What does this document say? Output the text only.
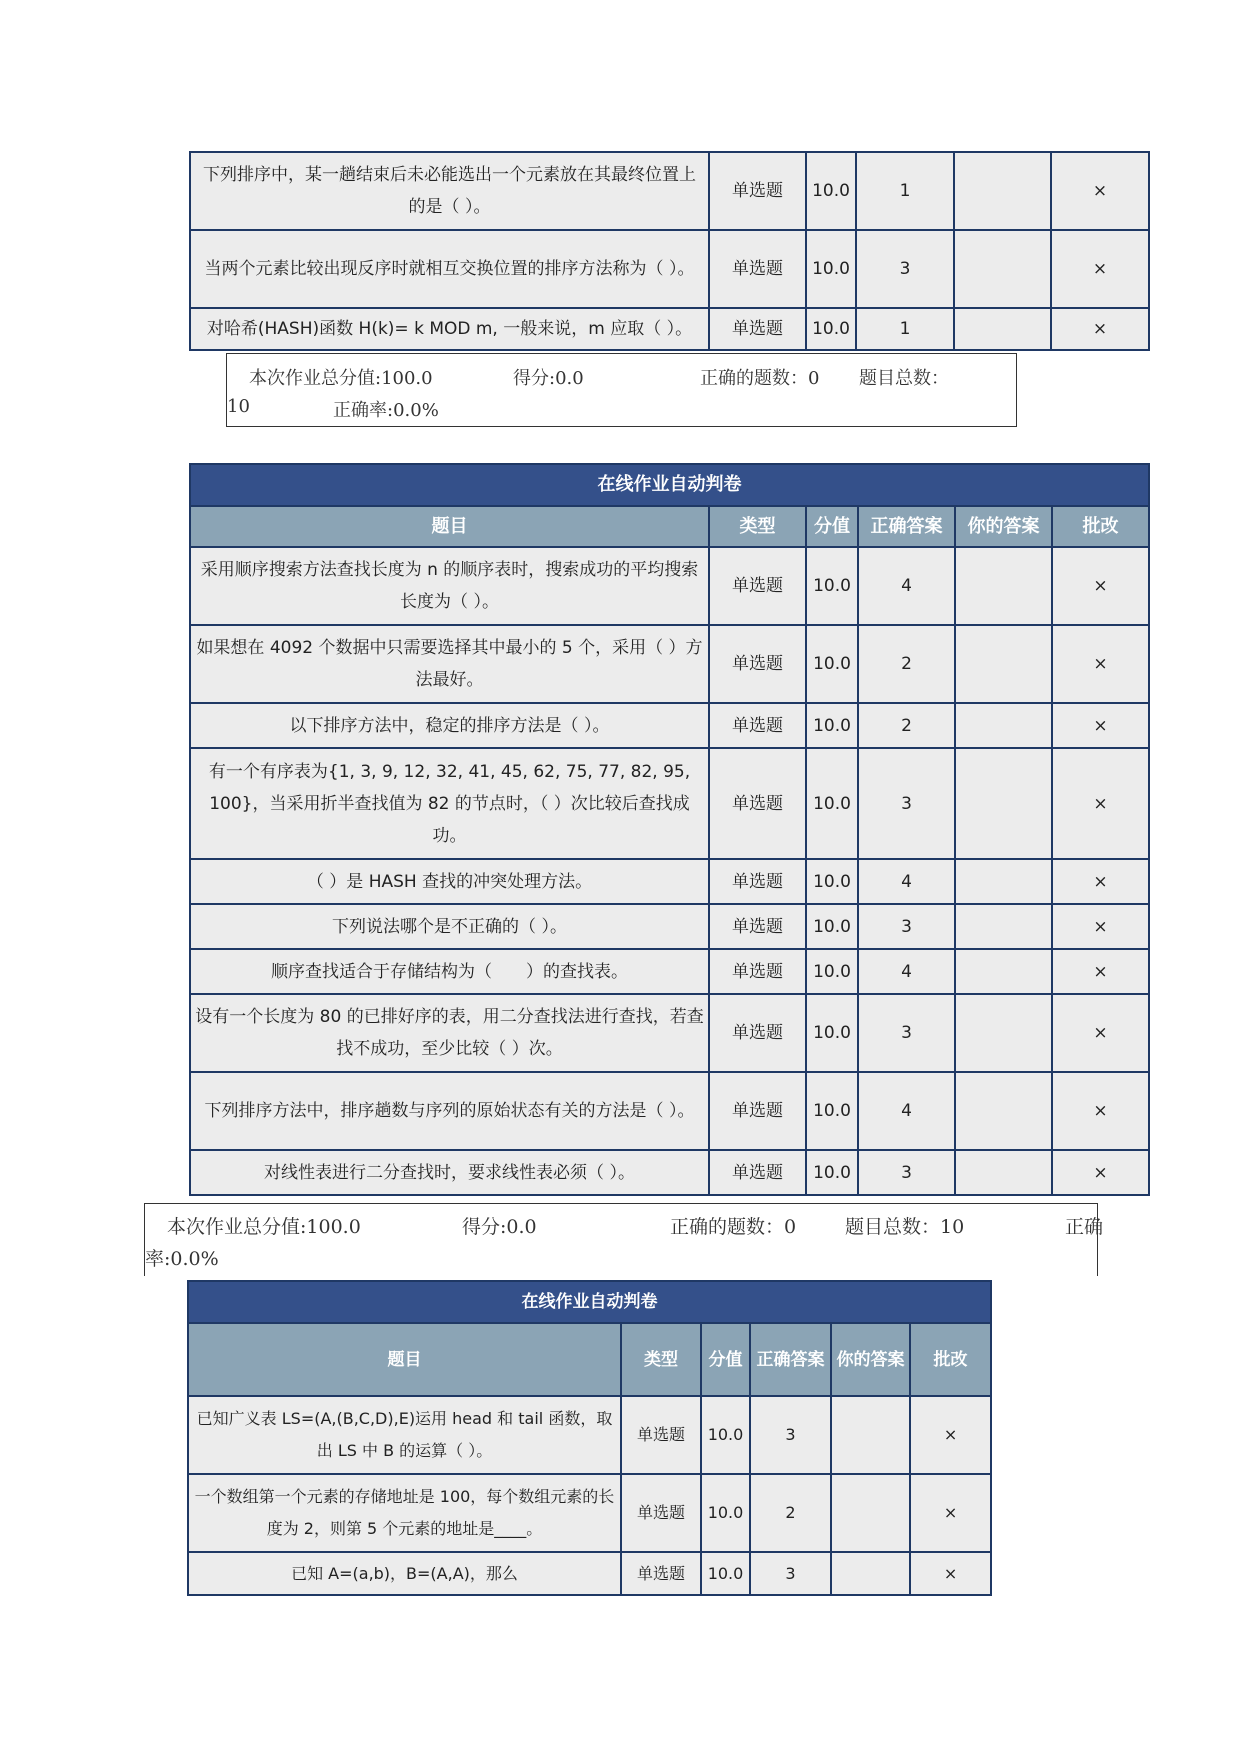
下列排序中，某一趟结束后未必能选出一个元素放在其最终位置上的是（ ）。	单选题	10.0	1		×
当两个元素比较出现反序时就相互交换位置的排序方法称为（ ）。	单选题	10.0	3		×
对哈希(HASH)函数 H(k)= k MOD m, 一般来说，m 应取（ ）。	单选题	10.0	1		×
本次作业总分值:100.0	得分:0.0	正确的题数：0 题目总数：
10	正确率:0.0%
在线作业自动判卷					
题目	类型	分值	正确答案	你的答案	批改
采用顺序搜索方法查找长度为 n 的顺序表时，搜索成功的平均搜索长度为（ ）。	单选题	10.0	4		×
如果想在 4092 个数据中只需要选择其中最小的 5 个，采用（ ）方法最好。	单选题	10.0	2		×
以下排序方法中，稳定的排序方法是（ ）。	单选题	10.0	2		×
有一个有序表为{1, 3, 9, 12, 32, 41, 45, 62, 75, 77, 82, 95, 100}，当采用折半查找值为 82 的节点时，（ ）次比较后查找成功。	单选题	10.0	3		×
（ ）是 HASH 查找的冲突处理方法。	单选题	10.0	4		×
下列说法哪个是不正确的（ ）。	单选题	10.0	3		×
顺序查找适合于存储结构为（　　）的查找表。	单选题	10.0	4		×
设有一个长度为 80 的已排好序的表，用二分查找法进行查找，若查找不成功，至少比较（ ）次。	单选题	10.0	3		×
下列排序方法中，排序趟数与序列的原始状态有关的方法是（ ）。	单选题	10.0	4		×
对线性表进行二分查找时，要求线性表必须（ ）。	单选题	10.0	3		×
本次作业总分值:100.0	得分:0.0	正确的题数：0	题目总数：10	正确
率:0.0%
在线作业自动判卷					
题目	类型	分值	正确答案	你的答案	批改
已知广义表 LS=(A,(B,C,D),E)运用 head 和 tail 函数，取出 LS 中 B 的运算（ ）。	单选题	10.0	3		×
一个数组第一个元素的存储地址是 100，每个数组元素的长度为 2，则第 5 个元素的地址是____。	单选题	10.0	2		×
已知 A=(a,b)，B=(A,A)，那么	单选题	10.0	3		×
